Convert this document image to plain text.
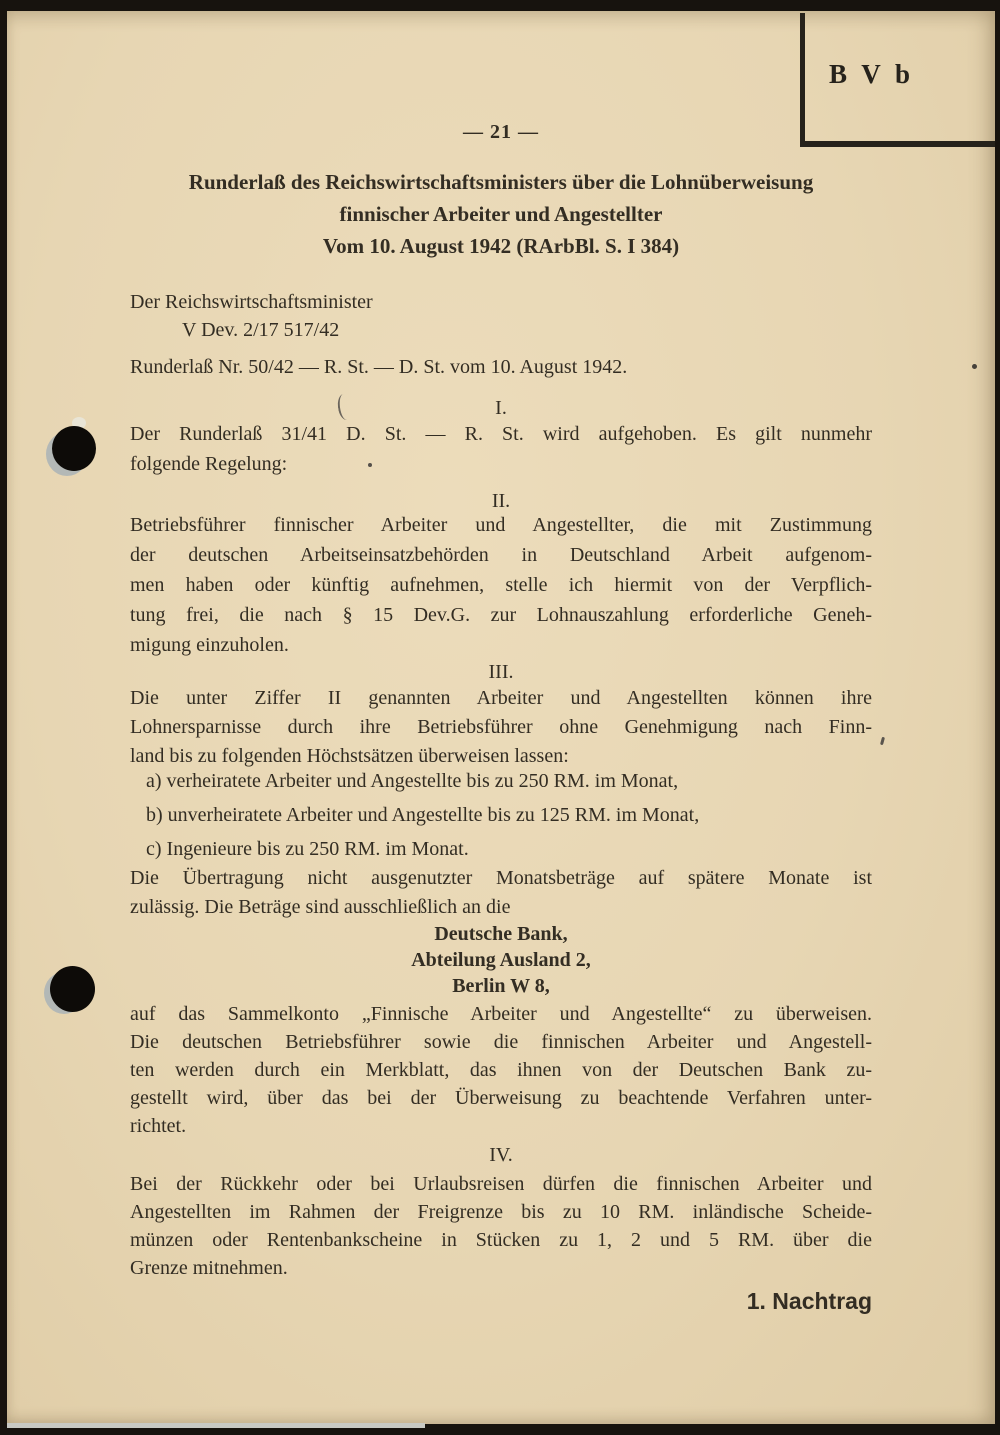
B V b
— 21 —
Runderlaß des Reichswirtschaftsministers über die Lohnüberweisung
finnischer Arbeiter und Angestellter
Vom 10. August 1942 (RArbBl. S. I 384)
Der Reichswirtschaftsminister
V Dev. 2/17 517/42
Runderlaß Nr. 50/42 — R. St. — D. St. vom 10. August 1942.
I.
Der Runderlaß 31/41 D. St. — R. St. wird aufgehoben. Es gilt nunmehr
folgende Regelung:
II.
Betriebsführer finnischer Arbeiter und Angestellter, die mit Zustimmung
der deutschen Arbeitseinsatzbehörden in Deutschland Arbeit aufgenom-
men haben oder künftig aufnehmen, stelle ich hiermit von der Verpflich-
tung frei, die nach § 15 Dev.G. zur Lohnauszahlung erforderliche Geneh-
migung einzuholen.
III.
Die unter Ziffer II genannten Arbeiter und Angestellten können ihre
Lohnersparnisse durch ihre Betriebsführer ohne Genehmigung nach Finn-
land bis zu folgenden Höchstsätzen überweisen lassen:
a) verheiratete Arbeiter und Angestellte bis zu 250 RM. im Monat,
b) unverheiratete Arbeiter und Angestellte bis zu 125 RM. im Monat,
c) Ingenieure bis zu 250 RM. im Monat.
Die Übertragung nicht ausgenutzter Monatsbeträge auf spätere Monate ist
zulässig. Die Beträge sind ausschließlich an die
Deutsche Bank,
Abteilung Ausland 2,
Berlin W 8,
auf das Sammelkonto „Finnische Arbeiter und Angestellte“ zu überweisen.
Die deutschen Betriebsführer sowie die finnischen Arbeiter und Angestell-
ten werden durch ein Merkblatt, das ihnen von der Deutschen Bank zu-
gestellt wird, über das bei der Überweisung zu beachtende Verfahren unter-
richtet.
IV.
Bei der Rückkehr oder bei Urlaubsreisen dürfen die finnischen Arbeiter und
Angestellten im Rahmen der Freigrenze bis zu 10 RM. inländische Scheide-
münzen oder Rentenbankscheine in Stücken zu 1, 2 und 5 RM. über die
Grenze mitnehmen.
1. Nachtrag
